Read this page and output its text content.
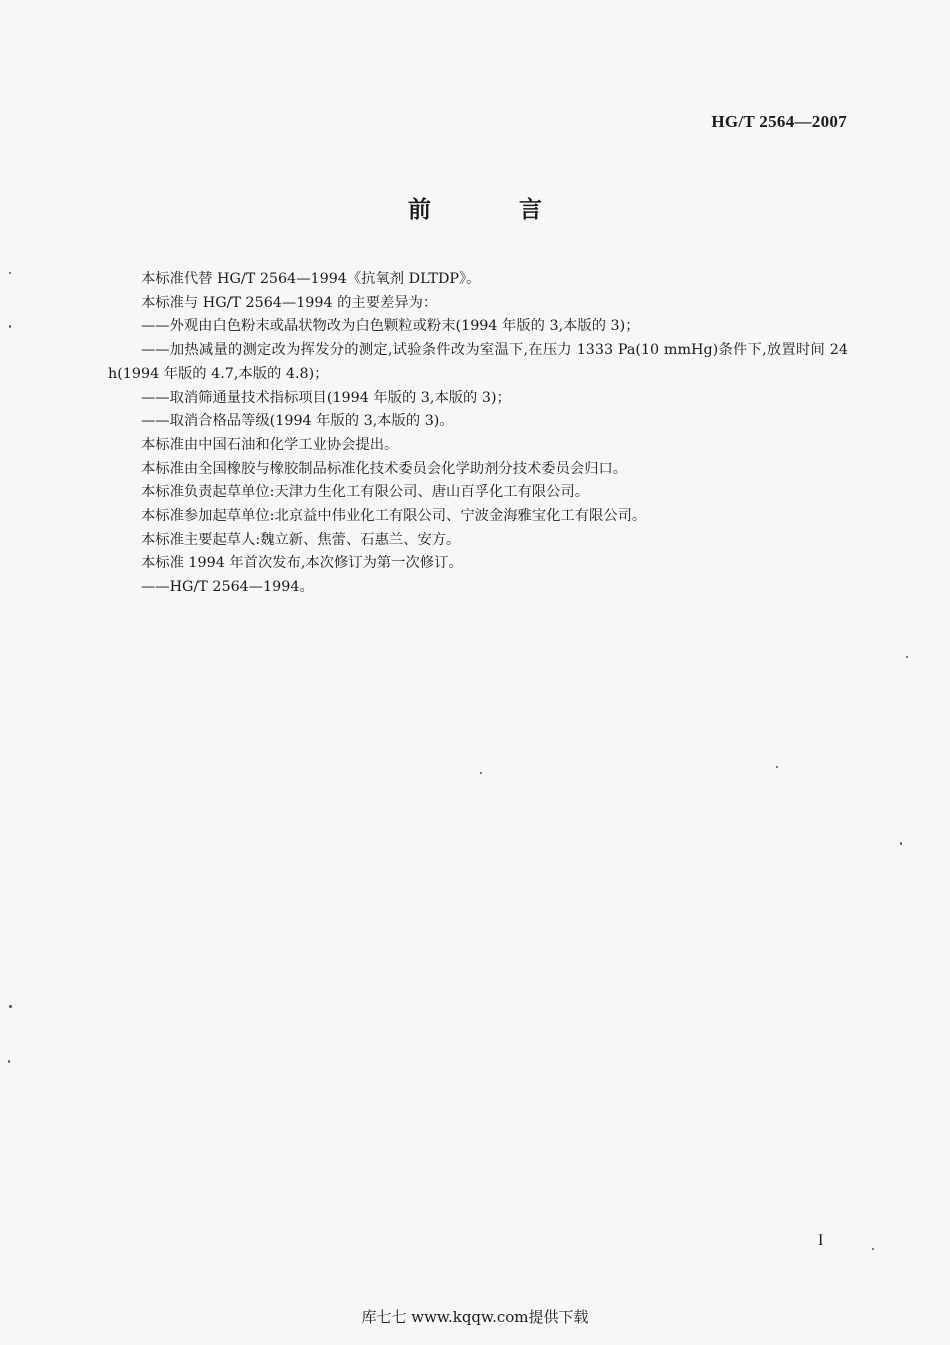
HG/T 2564—2007
前 言

本标准代替 HG/T 2564—1994《抗氧剂 DLTDP》。

本标准与 HG/T 2564—1994 的主要差异为：

——外观由白色粉末或晶状物改为白色颗粒或粉末(1994 年版的 3,本版的 3)；

——加热减量的测定改为挥发分的测定,试验条件改为室温下,在压力 1333 Pa(10 mmHg)条件下,放置时间 24 h(1994 年版的 4.7,本版的 4.8)；

——取消筛通量技术指标项目(1994 年版的 3,本版的 3)；

——取消合格品等级(1994 年版的 3,本版的 3)。

本标准由中国石油和化学工业协会提出。

本标准由全国橡胶与橡胶制品标准化技术委员会化学助剂分技术委员会归口。

本标准负责起草单位:天津力生化工有限公司、唐山百孚化工有限公司。

本标准参加起草单位:北京益中伟业化工有限公司、宁波金海雅宝化工有限公司。

本标准主要起草人:魏立新、焦蕾、石惠兰、安方。

本标准 1994 年首次发布,本次修订为第一次修订。

——HG/T 2564—1994。

I
库七七 www.kqqw.com提供下载
